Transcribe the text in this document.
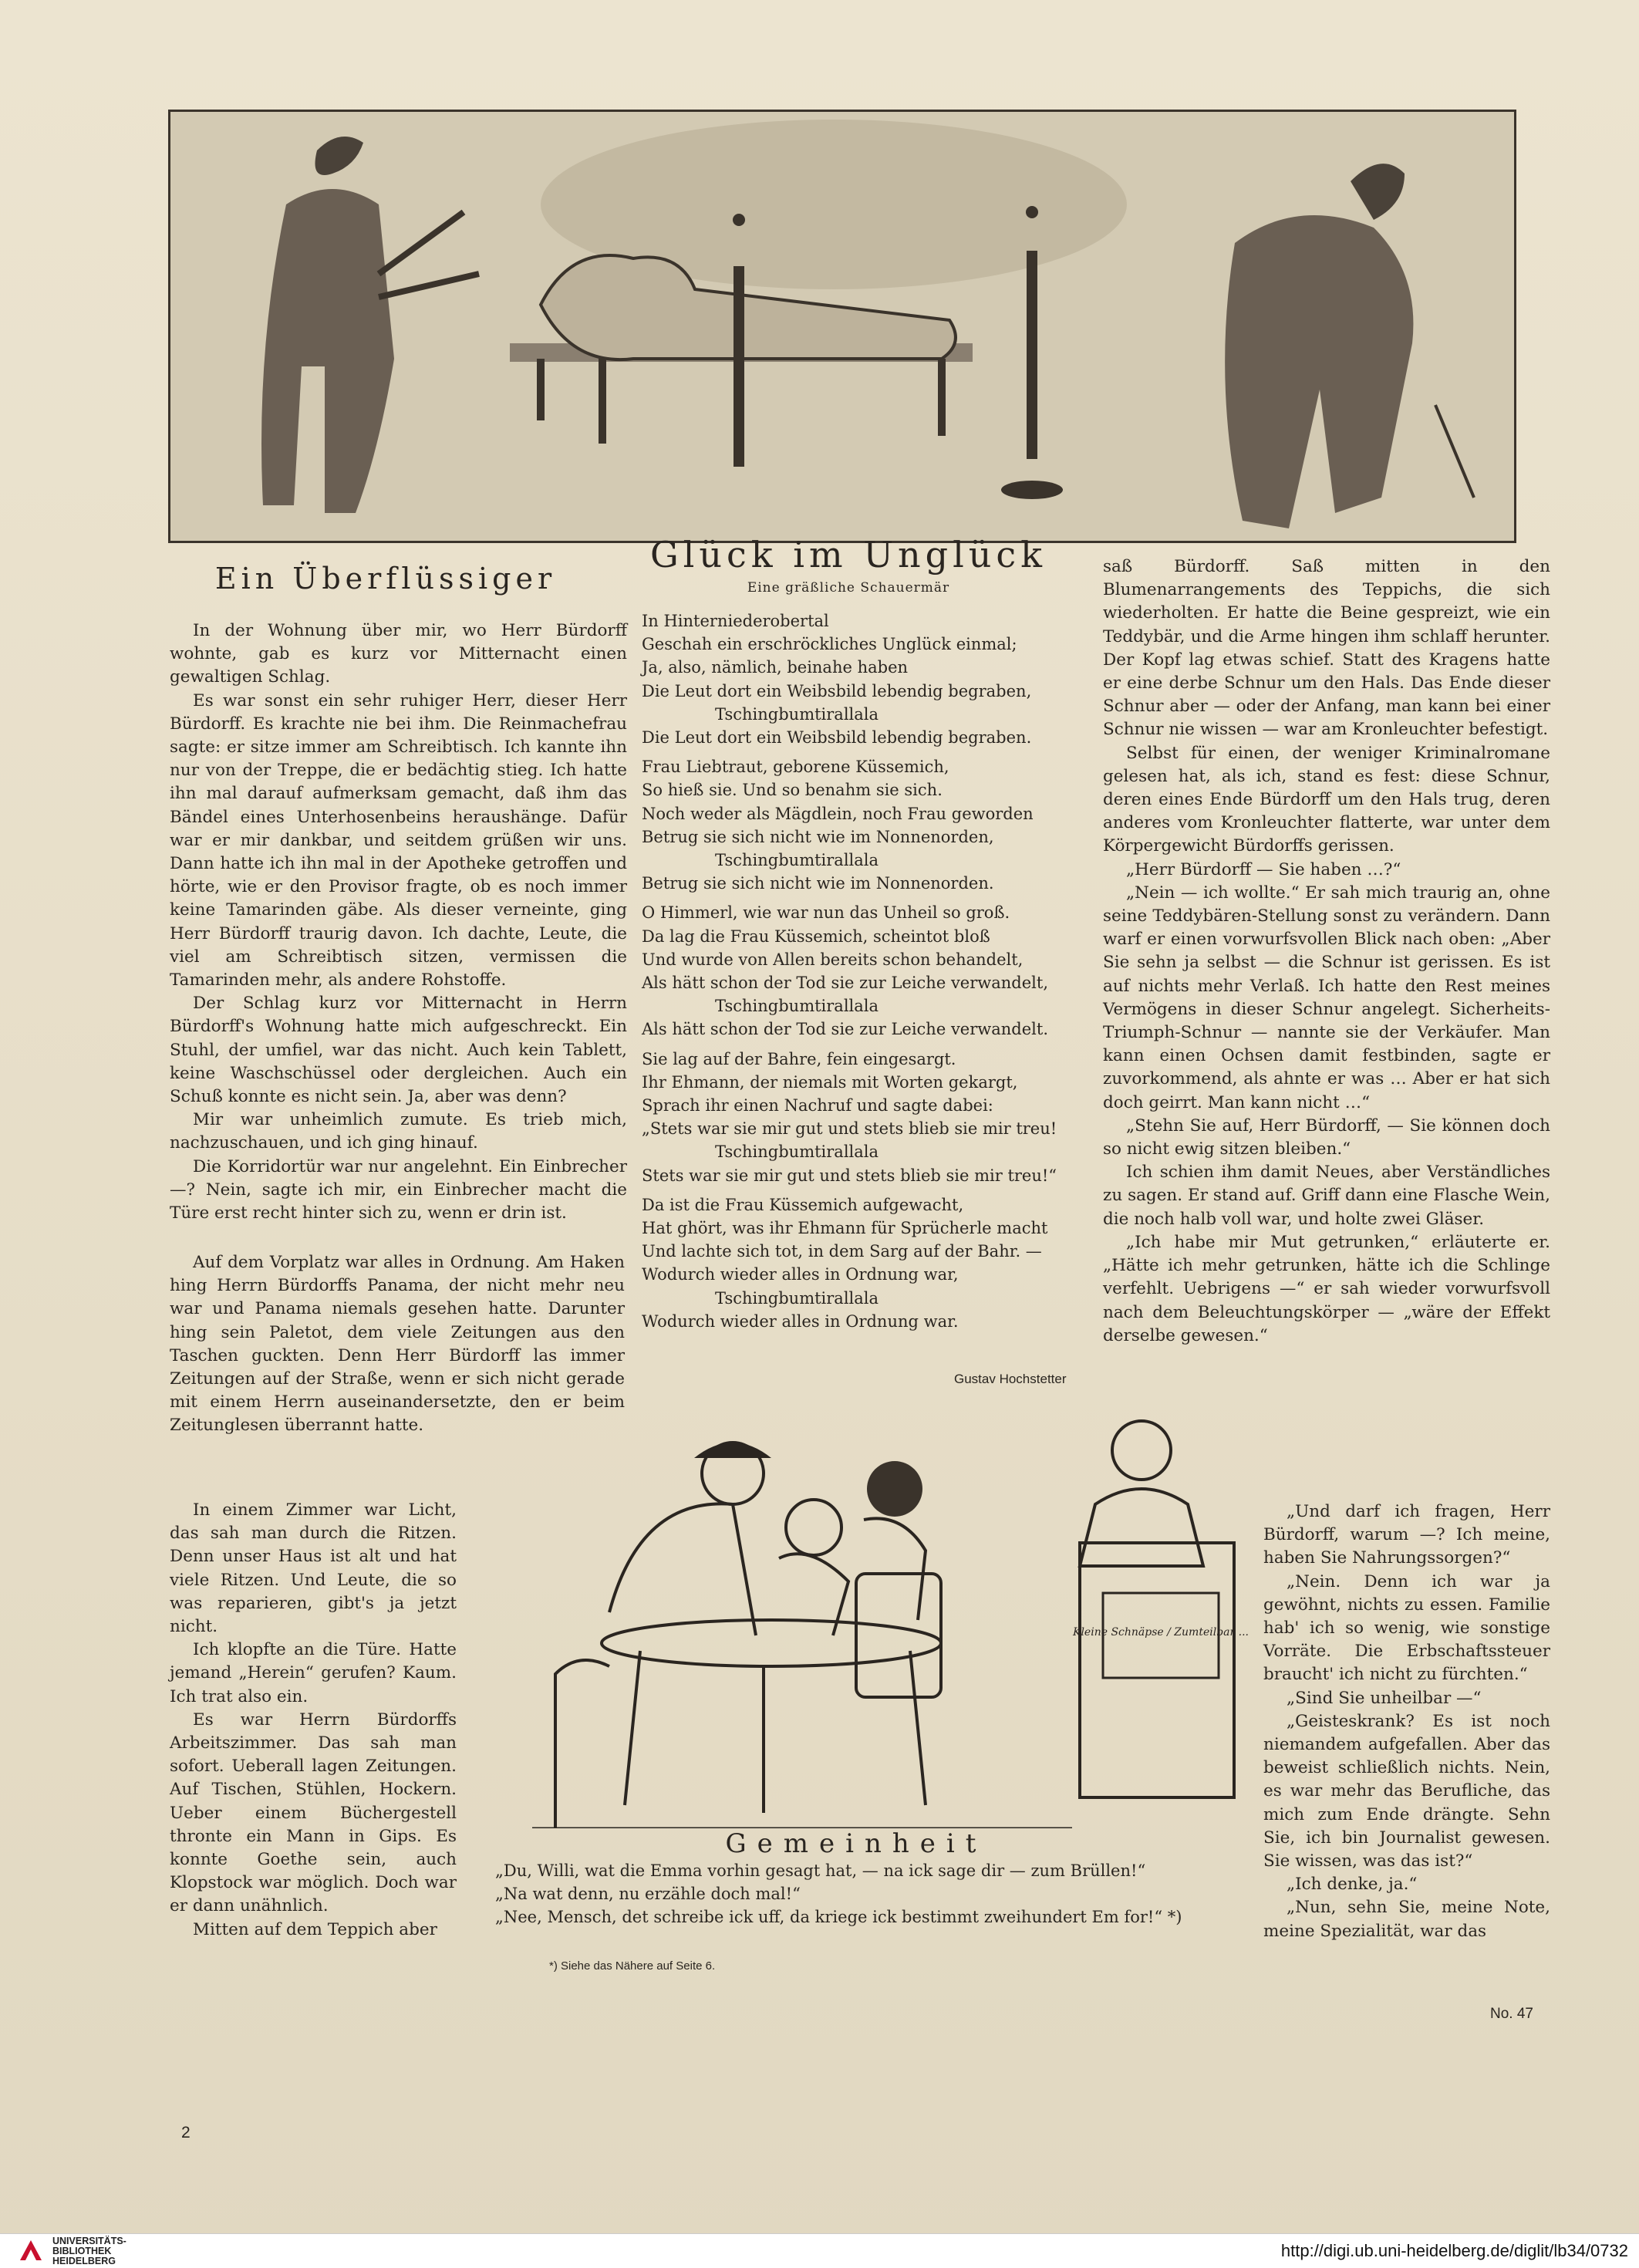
Ein Überflüssiger

In der Wohnung über mir, wo Herr Bürdorff wohnte, gab es kurz vor Mitternacht einen gewaltigen Schlag.

Es war sonst ein sehr ruhiger Herr, dieser Herr Bürdorff. Es krachte nie bei ihm. Die Reinmachefrau sagte: er sitze immer am Schreibtisch. Ich kannte ihn nur von der Treppe, die er bedächtig stieg. Ich hatte ihn mal darauf aufmerksam gemacht, daß ihm das Bändel eines Unterhosenbeins heraushänge. Dafür war er mir dankbar, und seitdem grüßen wir uns. Dann hatte ich ihn mal in der Apotheke getroffen und hörte, wie er den Provisor fragte, ob es noch immer keine Tamarinden gäbe. Als dieser verneinte, ging Herr Bürdorff traurig davon. Ich dachte, Leute, die viel am Schreibtisch sitzen, vermissen die Tamarinden mehr, als andere Rohstoffe.

Der Schlag kurz vor Mitternacht in Herrn Bürdorff's Wohnung hatte mich aufgeschreckt. Ein Stuhl, der umfiel, war das nicht. Auch kein Tablett, keine Waschschüssel oder dergleichen. Auch ein Schuß konnte es nicht sein. Ja, aber was denn?

Mir war unheimlich zumute. Es trieb mich, nachzuschauen, und ich ging hinauf.

Die Korridortür war nur angelehnt. Ein Einbrecher—? Nein, sagte ich mir, ein Einbrecher macht die Türe erst recht hinter sich zu, wenn er drin ist.

Auf dem Vorplatz war alles in Ordnung. Am Haken hing Herrn Bürdorffs Panama, der nicht mehr neu war und Panama niemals gesehen hatte. Darunter hing sein Paletot, dem viele Zeitungen aus den Taschen guckten. Denn Herr Bürdorff las immer Zeitungen auf der Straße, wenn er sich nicht gerade mit einem Herrn auseinandersetzte, den er beim Zeitunglesen überrannt hatte.

In einem Zimmer war Licht, das sah man durch die Ritzen. Denn unser Haus ist alt und hat viele Ritzen. Und Leute, die so was reparieren, gibt's ja jetzt nicht.

Ich klopfte an die Türe. Hatte jemand „Herein“ gerufen? Kaum. Ich trat also ein.

Es war Herrn Bürdorffs Arbeitszimmer. Das sah man sofort. Ueberall lagen Zeitungen. Auf Tischen, Stühlen, Hockern. Ueber einem Büchergestell thronte ein Mann in Gips. Es konnte Goethe sein, auch Klopstock war möglich. Doch war er dann unähnlich.

Mitten auf dem Teppich aber

Glück im Unglück
Eine gräßliche Schauermär
In Hinterniederobertal
Geschah ein erschröckliches Unglück einmal;
Ja, also, nämlich, beinahe haben
Die Leut dort ein Weibsbild lebendig begraben,
Tschingbumtirallala
Die Leut dort ein Weibsbild lebendig begraben.
Frau Liebtraut, geborene Küssemich,
So hieß sie. Und so benahm sie sich.
Noch weder als Mägdlein, noch Frau geworden
Betrug sie sich nicht wie im Nonnenorden,
Tschingbumtirallala
Betrug sie sich nicht wie im Nonnenorden.
O Himmerl, wie war nun das Unheil so groß.
Da lag die Frau Küssemich, scheintot bloß
Und wurde von Allen bereits schon behandelt,
Als hätt schon der Tod sie zur Leiche verwandelt,
Tschingbumtirallala
Als hätt schon der Tod sie zur Leiche verwandelt.
Sie lag auf der Bahre, fein eingesargt.
Ihr Ehmann, der niemals mit Worten gekargt,
Sprach ihr einen Nachruf und sagte dabei:
„Stets war sie mir gut und stets blieb sie mir treu!
Tschingbumtirallala
Stets war sie mir gut und stets blieb sie mir treu!“
Da ist die Frau Küssemich aufgewacht,
Hat ghört, was ihr Ehmann für Sprücherle macht
Und lachte sich tot, in dem Sarg auf der Bahr. —
Wodurch wieder alles in Ordnung war,
Tschingbumtirallala
Wodurch wieder alles in Ordnung war.
Gustav Hochstetter

saß Bürdorff. Saß mitten in den Blumenarrangements des Teppichs, die sich wiederholten. Er hatte die Beine gespreizt, wie ein Teddybär, und die Arme hingen ihm schlaff herunter. Der Kopf lag etwas schief. Statt des Kragens hatte er eine derbe Schnur um den Hals. Das Ende dieser Schnur aber — oder der Anfang, man kann bei einer Schnur nie wissen — war am Kronleuchter befestigt.

Selbst für einen, der weniger Kriminalromane gelesen hat, als ich, stand es fest: diese Schnur, deren eines Ende Bürdorff um den Hals trug, deren anderes vom Kronleuchter flatterte, war unter dem Körpergewicht Bürdorffs gerissen.

„Herr Bürdorff — Sie haben …?“

„Nein — ich wollte.“ Er sah mich traurig an, ohne seine Teddybären-Stellung sonst zu verändern. Dann warf er einen vorwurfsvollen Blick nach oben: „Aber Sie sehn ja selbst — die Schnur ist gerissen. Es ist auf nichts mehr Verlaß. Ich hatte den Rest meines Vermögens in dieser Schnur angelegt. Sicherheits-Triumph-Schnur — nannte sie der Verkäufer. Man kann einen Ochsen damit festbinden, sagte er zuvorkommend, als ahnte er was … Aber er hat sich doch geirrt. Man kann nicht …“

„Stehn Sie auf, Herr Bürdorff, — Sie können doch so nicht ewig sitzen bleiben.“

Ich schien ihm damit Neues, aber Verständliches zu sagen. Er stand auf. Griff dann eine Flasche Wein, die noch halb voll war, und holte zwei Gläser.

„Ich habe mir Mut getrunken,“ erläuterte er. „Hätte ich mehr getrunken, hätte ich die Schlinge verfehlt. Uebrigens —“ er sah wieder vorwurfsvoll nach dem Beleuchtungskörper — „wäre der Effekt derselbe gewesen.“

„Und darf ich fragen, Herr Bürdorff, warum —? Ich meine, haben Sie Nahrungssorgen?“

„Nein. Denn ich war ja gewöhnt, nichts zu essen. Familie hab' ich so wenig, wie sonstige Vorräte. Die Erbschaftssteuer braucht' ich nicht zu fürchten.“

„Sind Sie unheilbar —“

„Geisteskrank? Es ist noch niemandem aufgefallen. Aber das beweist schließlich nichts. Nein, es war mehr das Berufliche, das mich zum Ende drängte. Sehn Sie, ich bin Journalist gewesen. Sie wissen, was das ist?“

„Ich denke, ja.“

„Nun, sehn Sie, meine Note, meine Spezialität, war das

Kleine Schnäpse / Zumteilbar ...
Gemeinheit
„Du, Willi, wat die Emma vorhin gesagt hat, — na ick sage dir — zum Brüllen!“
„Na wat denn, nu erzähle doch mal!“
„Nee, Mensch, det schreibe ick uff, da kriege ick bestimmt zweihundert Em for!“ *)
*) Siehe das Nähere auf Seite 6.
2
No. 47
UNIVERSITÄTS-
BIBLIOTHEK
HEIDELBERG
http://digi.ub.uni-heidelberg.de/diglit/lb34/0732
